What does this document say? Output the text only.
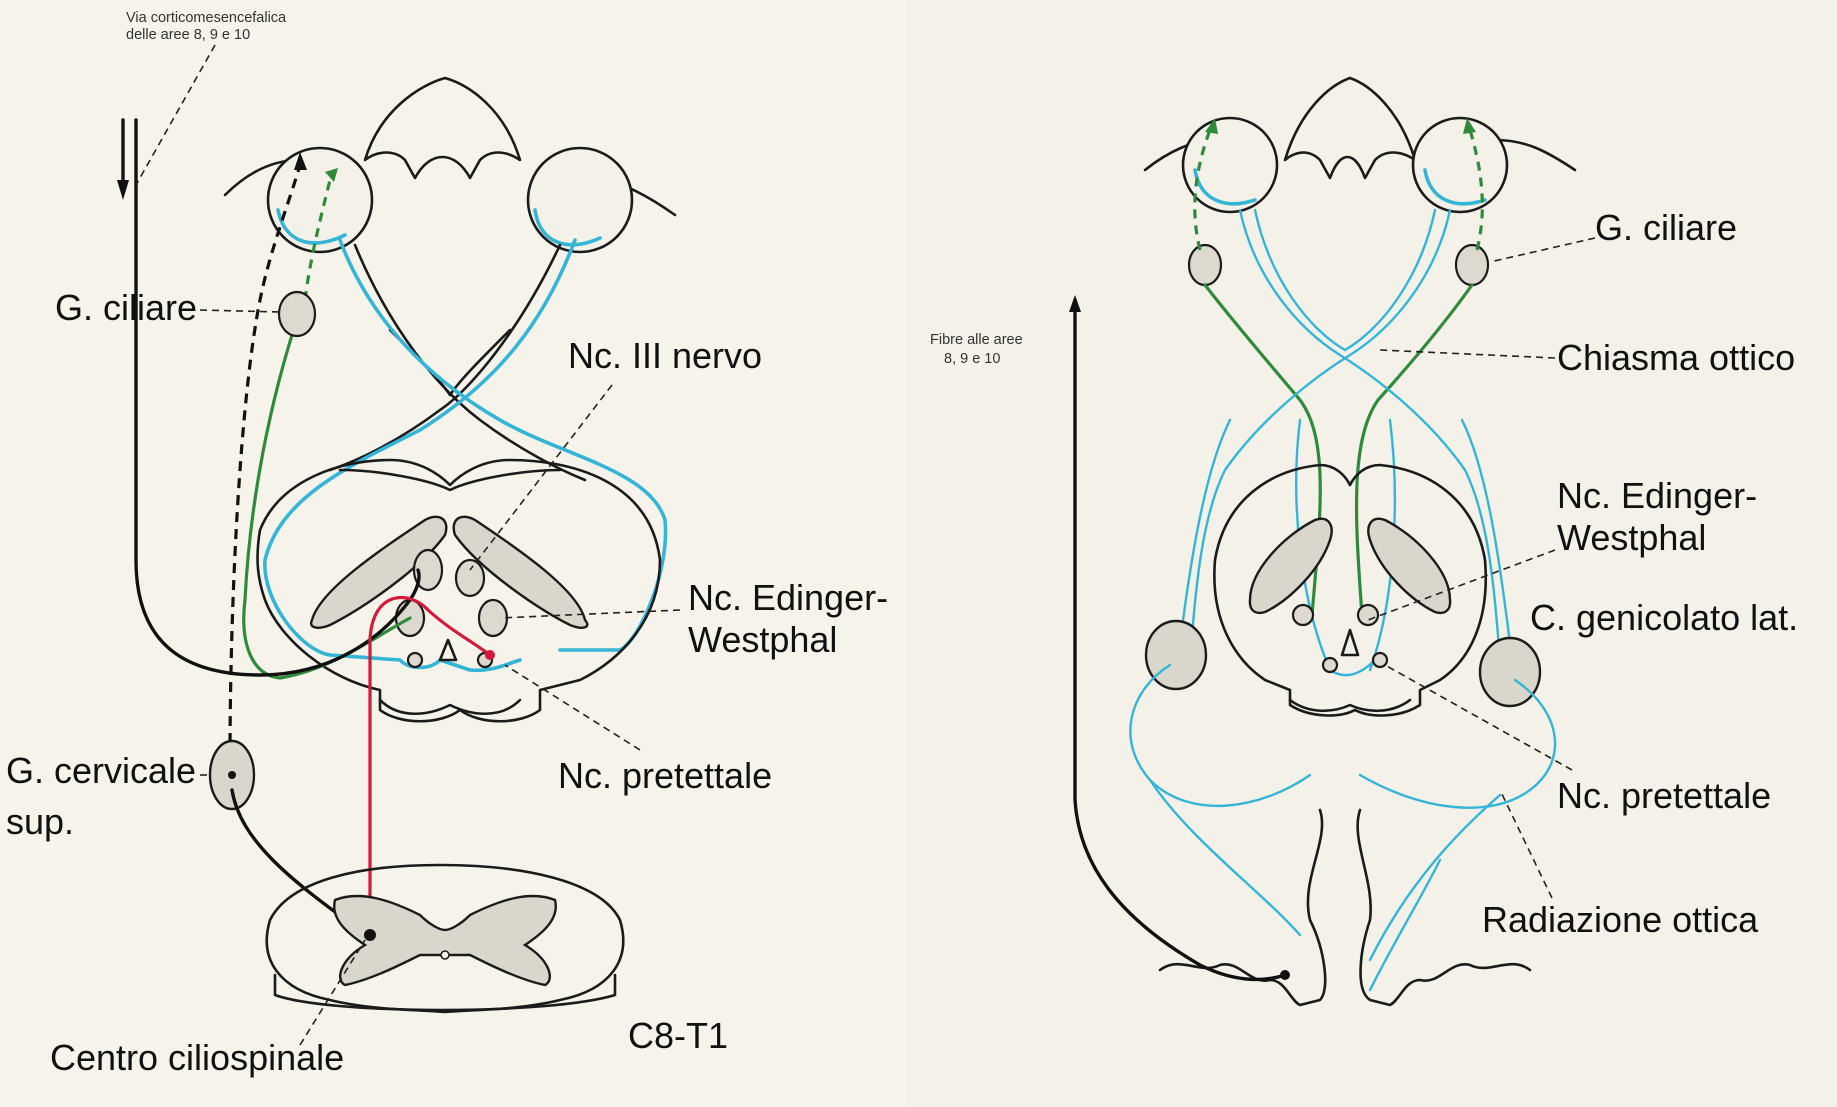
Via corticomesencefalica
delle aree 8, 9 e 10
G. ciliare
Nc. III nervo
Nc. Edinger-
Westphal
Nc. pretettale
G. cervicale
sup.
Centro ciliospinale
C8-T1
Fibre alle aree
8, 9 e 10
G. ciliare
Chiasma ottico
Nc. Edinger-
Westphal
C. genicolato lat.
Nc. pretettale
Radiazione ottica
